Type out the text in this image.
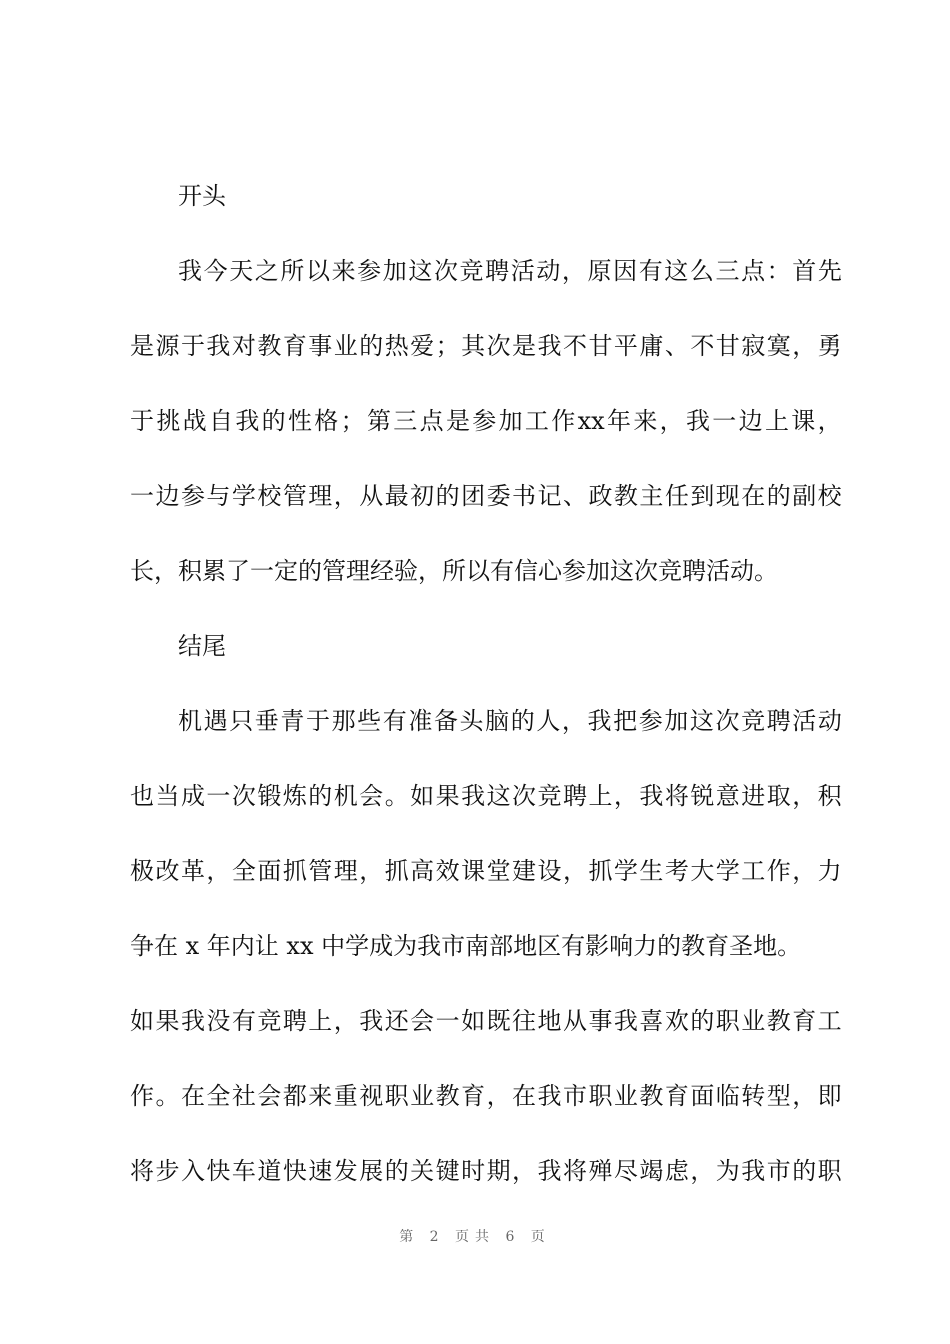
开头
我 今 天 之 所 以 来 参 加 这 次 竞 聘 活 动 ， 原 因 有 这 么 三 点 ： 首 先
是 源 于 我 对 教 育 事 业 的 热 爱 ； 其 次 是 我 不 甘 平 庸 、 不 甘 寂 寞 ， 勇
于 挑 战 自 我 的 性 格 ； 第 三 点 是 参 加 工 作 xx 年 来 ， 我 一 边 上 课 ，
一 边 参 与 学 校 管 理 ， 从 最 初 的 团 委 书 记 、 政 教 主 任 到 现 在 的 副 校
长，积累了一定的管理经验，所以有信心参加这次竞聘活动。
结尾
机 遇 只 垂 青 于 那 些 有 准 备 头 脑 的 人 ， 我 把 参 加 这 次 竞 聘 活 动
也 当 成 一 次 锻 炼 的 机 会 。 如 果 我 这 次 竞 聘 上 ， 我 将 锐 意 进 取 ， 积
极 改 革 ， 全 面 抓 管 理 ， 抓 高 效 课 堂 建 设 ， 抓 学 生 考 大 学 工 作 ， 力
争在 x 年内让 xx 中学成为我市南部地区有影响力的教育圣地。
如 果 我 没 有 竞 聘 上 ， 我 还 会 一 如 既 往 地 从 事 我 喜 欢 的 职 业 教 育 工
作 。 在 全 社 会 都 来 重 视 职 业 教 育 ， 在 我 市 职 业 教 育 面 临 转 型 ， 即
将 步 入 快 车 道 快 速 发 展 的 关 键 时 期 ， 我 将 殚 尽 竭 虑 ， 为 我 市 的 职
第 2 页共 6 页
